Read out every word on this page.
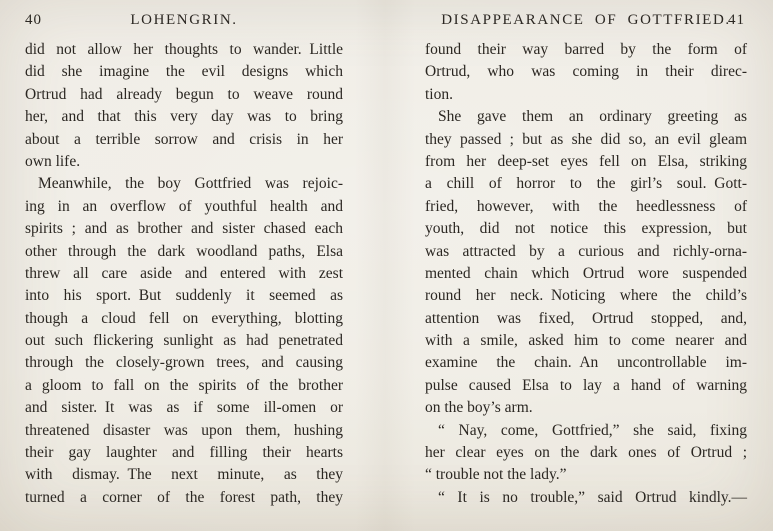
40	LOHENGRIN.
did not allow her thoughts to wander. Little
did she imagine the evil designs which
Ortrud had already begun to weave round
her, and that this very day was to bring
about a terrible sorrow and crisis in her
own life.
Meanwhile, the boy Gottfried was rejoic-
ing in an overflow of youthful health and
spirits ; and as brother and sister chased each
other through the dark woodland paths, Elsa
threw all care aside and entered with zest
into his sport. But suddenly it seemed as
though a cloud fell on everything, blotting
out such flickering sunlight as had penetrated
through the closely-grown trees, and causing
a gloom to fall on the spirits of the brother
and sister. It was as if some ill-omen or
threatened disaster was upon them, hushing
their gay laughter and filling their hearts
with dismay. The next minute, as they
turned a corner of the forest path, they
DISAPPEARANCE OF GOTTFRIED.
41
found their way barred by the form of
Ortrud, who was coming in their direc-
tion.
She gave them an ordinary greeting as
they passed ; but as she did so, an evil gleam
from her deep-set eyes fell on Elsa, striking
a chill of horror to the girl’s soul. Gott-
fried, however, with the heedlessness of
youth, did not notice this expression, but
was attracted by a curious and richly-orna-
mented chain which Ortrud wore suspended
round her neck. Noticing where the child’s
attention was fixed, Ortrud stopped, and,
with a smile, asked him to come nearer and
examine the chain. An uncontrollable im-
pulse caused Elsa to lay a hand of warning
on the boy’s arm.
“ Nay, come, Gottfried,” she said, fixing
her clear eyes on the dark ones of Ortrud ;
“ trouble not the lady.”
“ It is no trouble,” said Ortrud kindly.—
